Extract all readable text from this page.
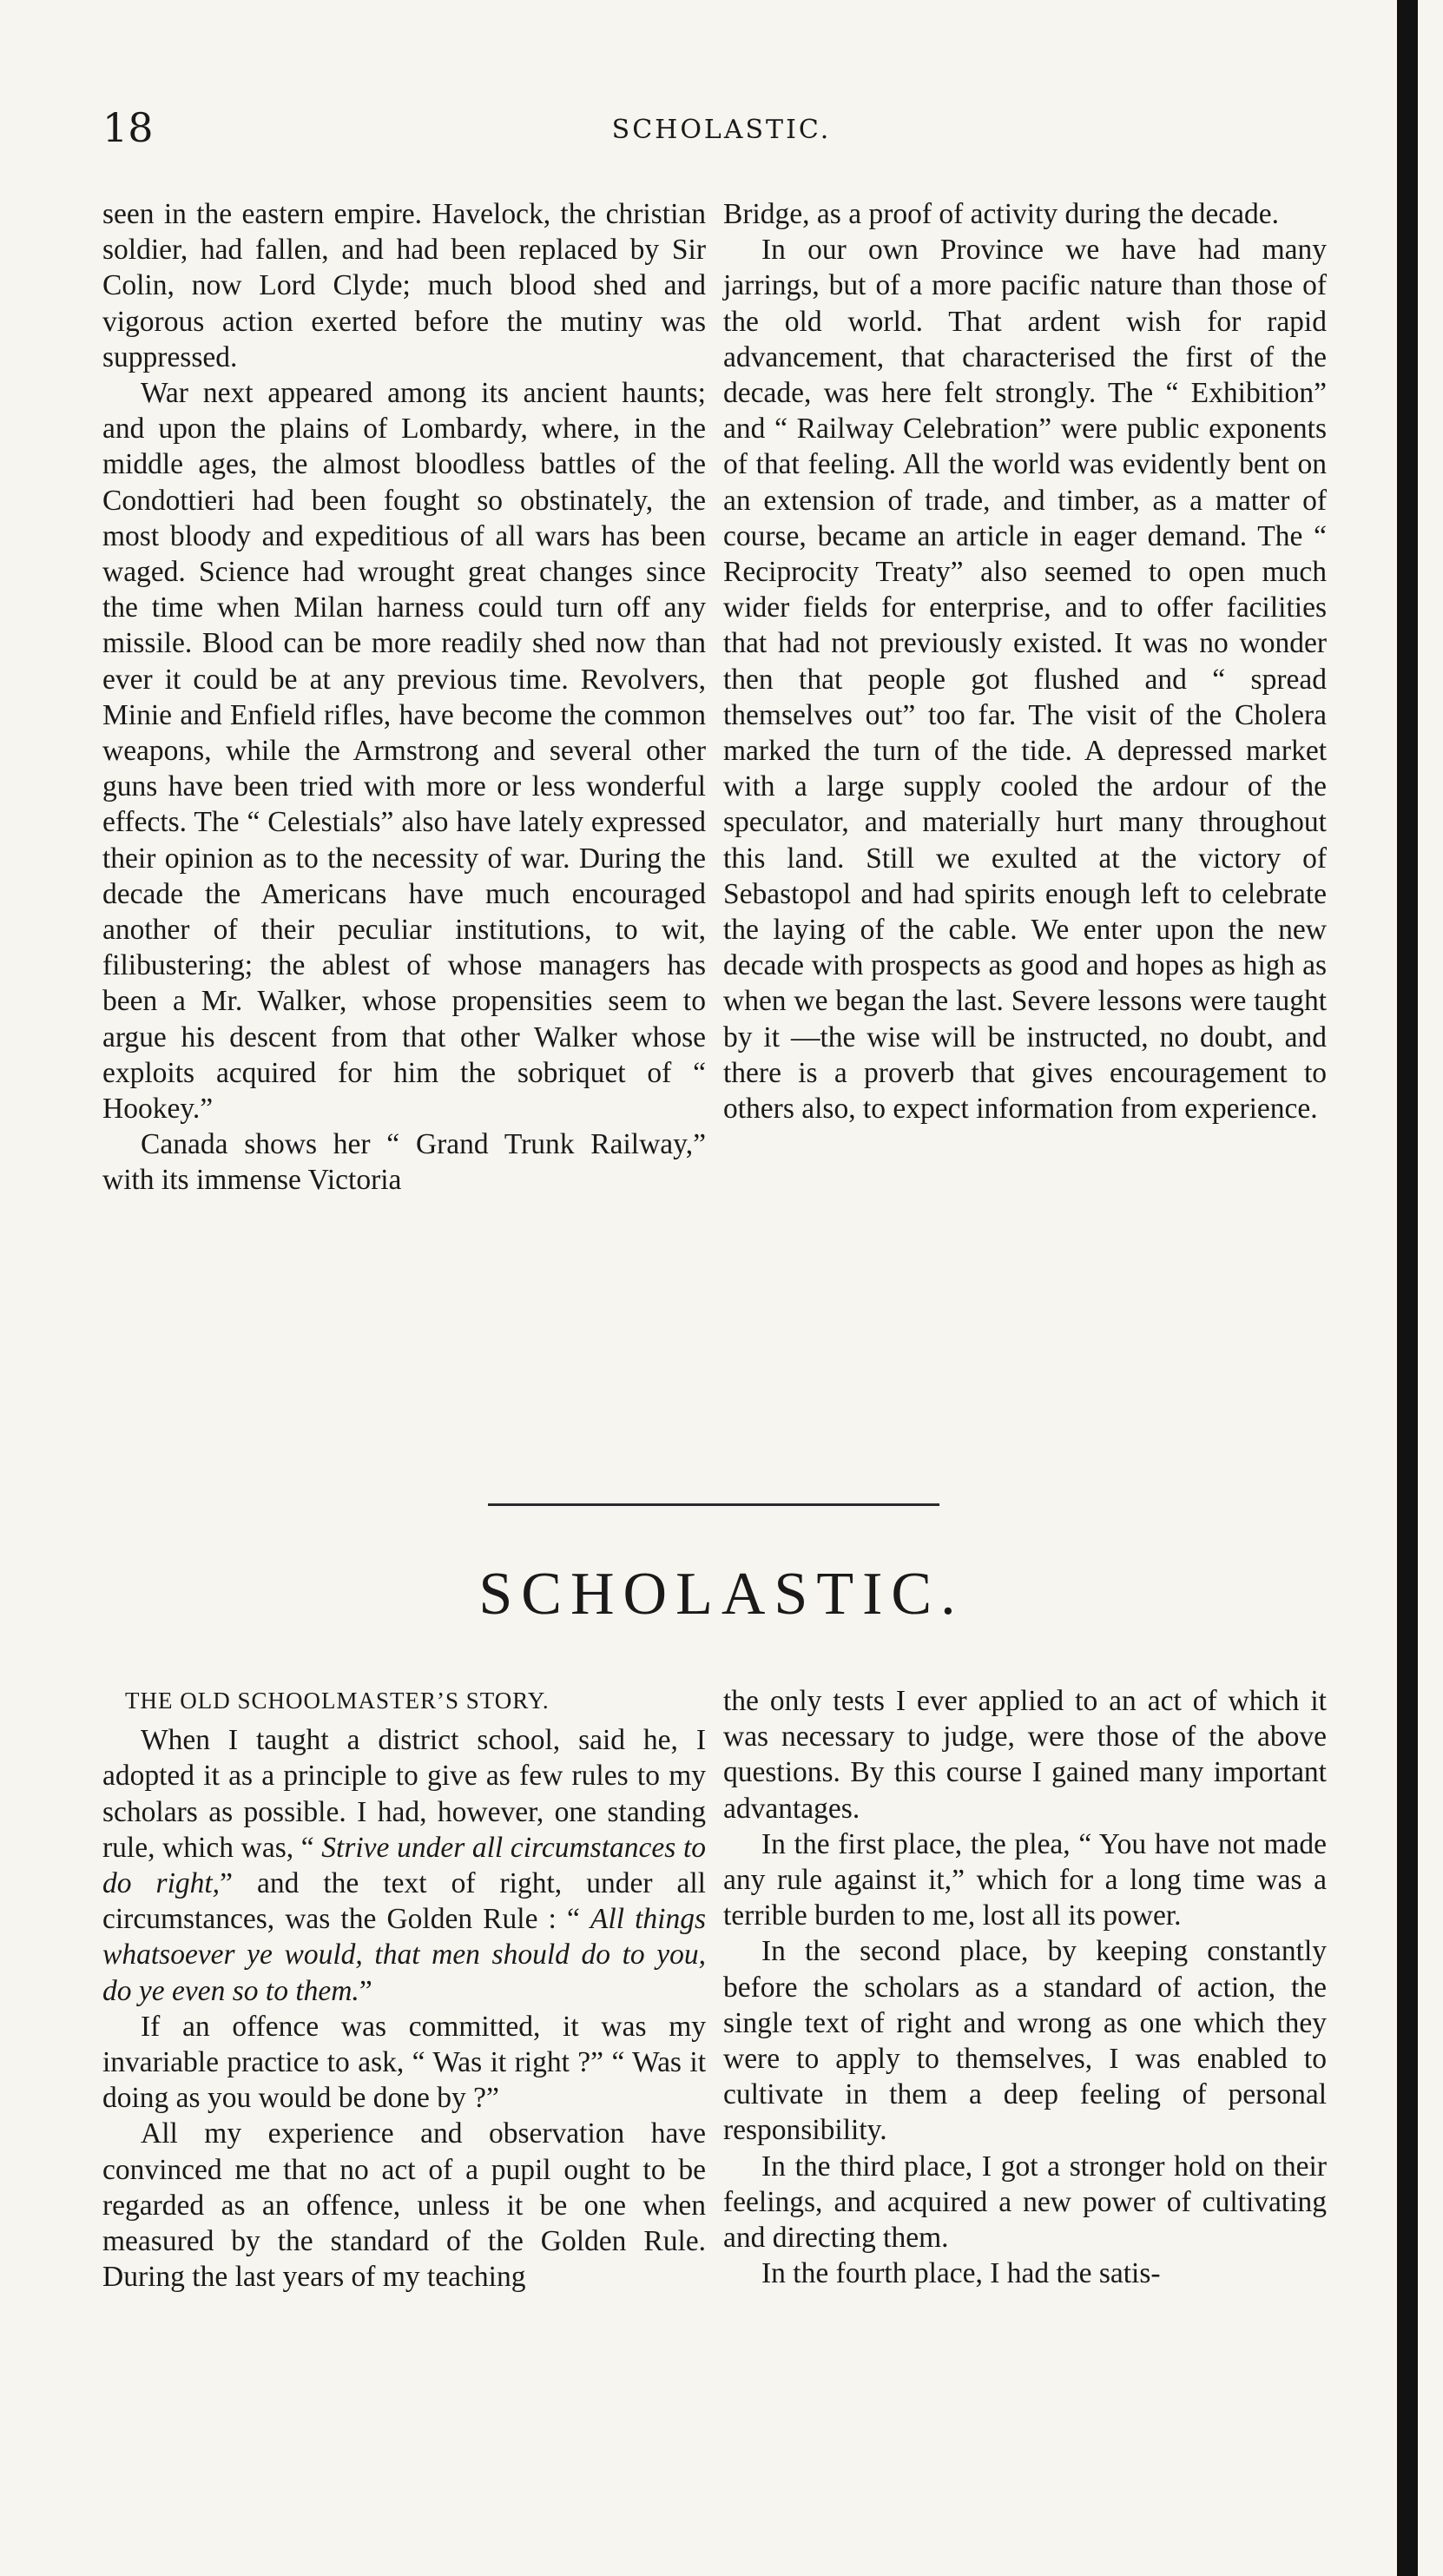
18	SCHOLASTIC.

seen in the eastern empire. Havelock, the christian soldier, had fallen, and had been replaced by Sir Colin, now Lord Clyde; much blood shed and vigorous action exerted before the mutiny was suppressed.

War next appeared among its ancient haunts; and upon the plains of Lombardy, where, in the middle ages, the almost bloodless battles of the Condottieri had been fought so obstinately, the most bloody and expeditious of all wars has been waged. Science had wrought great changes since the time when Milan harness could turn off any missile. Blood can be more readily shed now than ever it could be at any previous time. Revolvers, Minie and Enfield rifles, have become the common weapons, while the Armstrong and several other guns have been tried with more or less wonderful effects. The “ Celestials” also have lately expressed their opinion as to the necessity of war. During the decade the Americans have much encouraged another of their peculiar institutions, to wit, filibustering; the ablest of whose managers has been a Mr. Walker, whose propensities seem to argue his descent from that other Walker whose exploits acquired for him the sobriquet of “ Hookey.”

Canada shows her “ Grand Trunk Railway,” with its immense Victoria

Bridge, as a proof of activity during the decade.

In our own Province we have had many jarrings, but of a more pacific nature than those of the old world. That ardent wish for rapid advancement, that characterised the first of the decade, was here felt strongly. The “ Exhibition” and “ Railway Celebration” were public exponents of that feeling. All the world was evidently bent on an extension of trade, and timber, as a matter of course, became an article in eager demand. The “ Reciprocity Treaty” also seemed to open much wider fields for enterprise, and to offer facilities that had not previously existed. It was no wonder then that people got flushed and “ spread themselves out” too far. The visit of the Cholera marked the turn of the tide. A depressed market with a large supply cooled the ardour of the speculator, and materially hurt many throughout this land. Still we exulted at the victory of Sebastopol and had spirits enough left to celebrate the laying of the cable. We enter upon the new decade with prospects as good and hopes as high as when we began the last. Severe lessons were taught by it —the wise will be instructed, no doubt, and there is a proverb that gives encouragement to others also, to expect information from experience.

SCHOLASTIC.

THE OLD SCHOOLMASTER’S STORY.

When I taught a district school, said he, I adopted it as a principle to give as few rules to my scholars as possible. I had, however, one standing rule, which was, “ Strive under all circumstances to do right,” and the text of right, under all circumstances, was the Golden Rule : “ All things whatsoever ye would, that men should do to you, do ye even so to them.”

If an offence was committed, it was my invariable practice to ask, “ Was it right ?” “ Was it doing as you would be done by ?”

All my experience and observation have convinced me that no act of a pupil ought to be regarded as an offence, unless it be one when measured by the standard of the Golden Rule. During the last years of my teaching

the only tests I ever applied to an act of which it was necessary to judge, were those of the above questions. By this course I gained many important advantages.

In the first place, the plea, “ You have not made any rule against it,” which for a long time was a terrible burden to me, lost all its power.

In the second place, by keeping constantly before the scholars as a standard of action, the single text of right and wrong as one which they were to apply to themselves, I was enabled to cultivate in them a deep feeling of personal responsibility.

In the third place, I got a stronger hold on their feelings, and acquired a new power of cultivating and directing them.

In the fourth place, I had the satis-
